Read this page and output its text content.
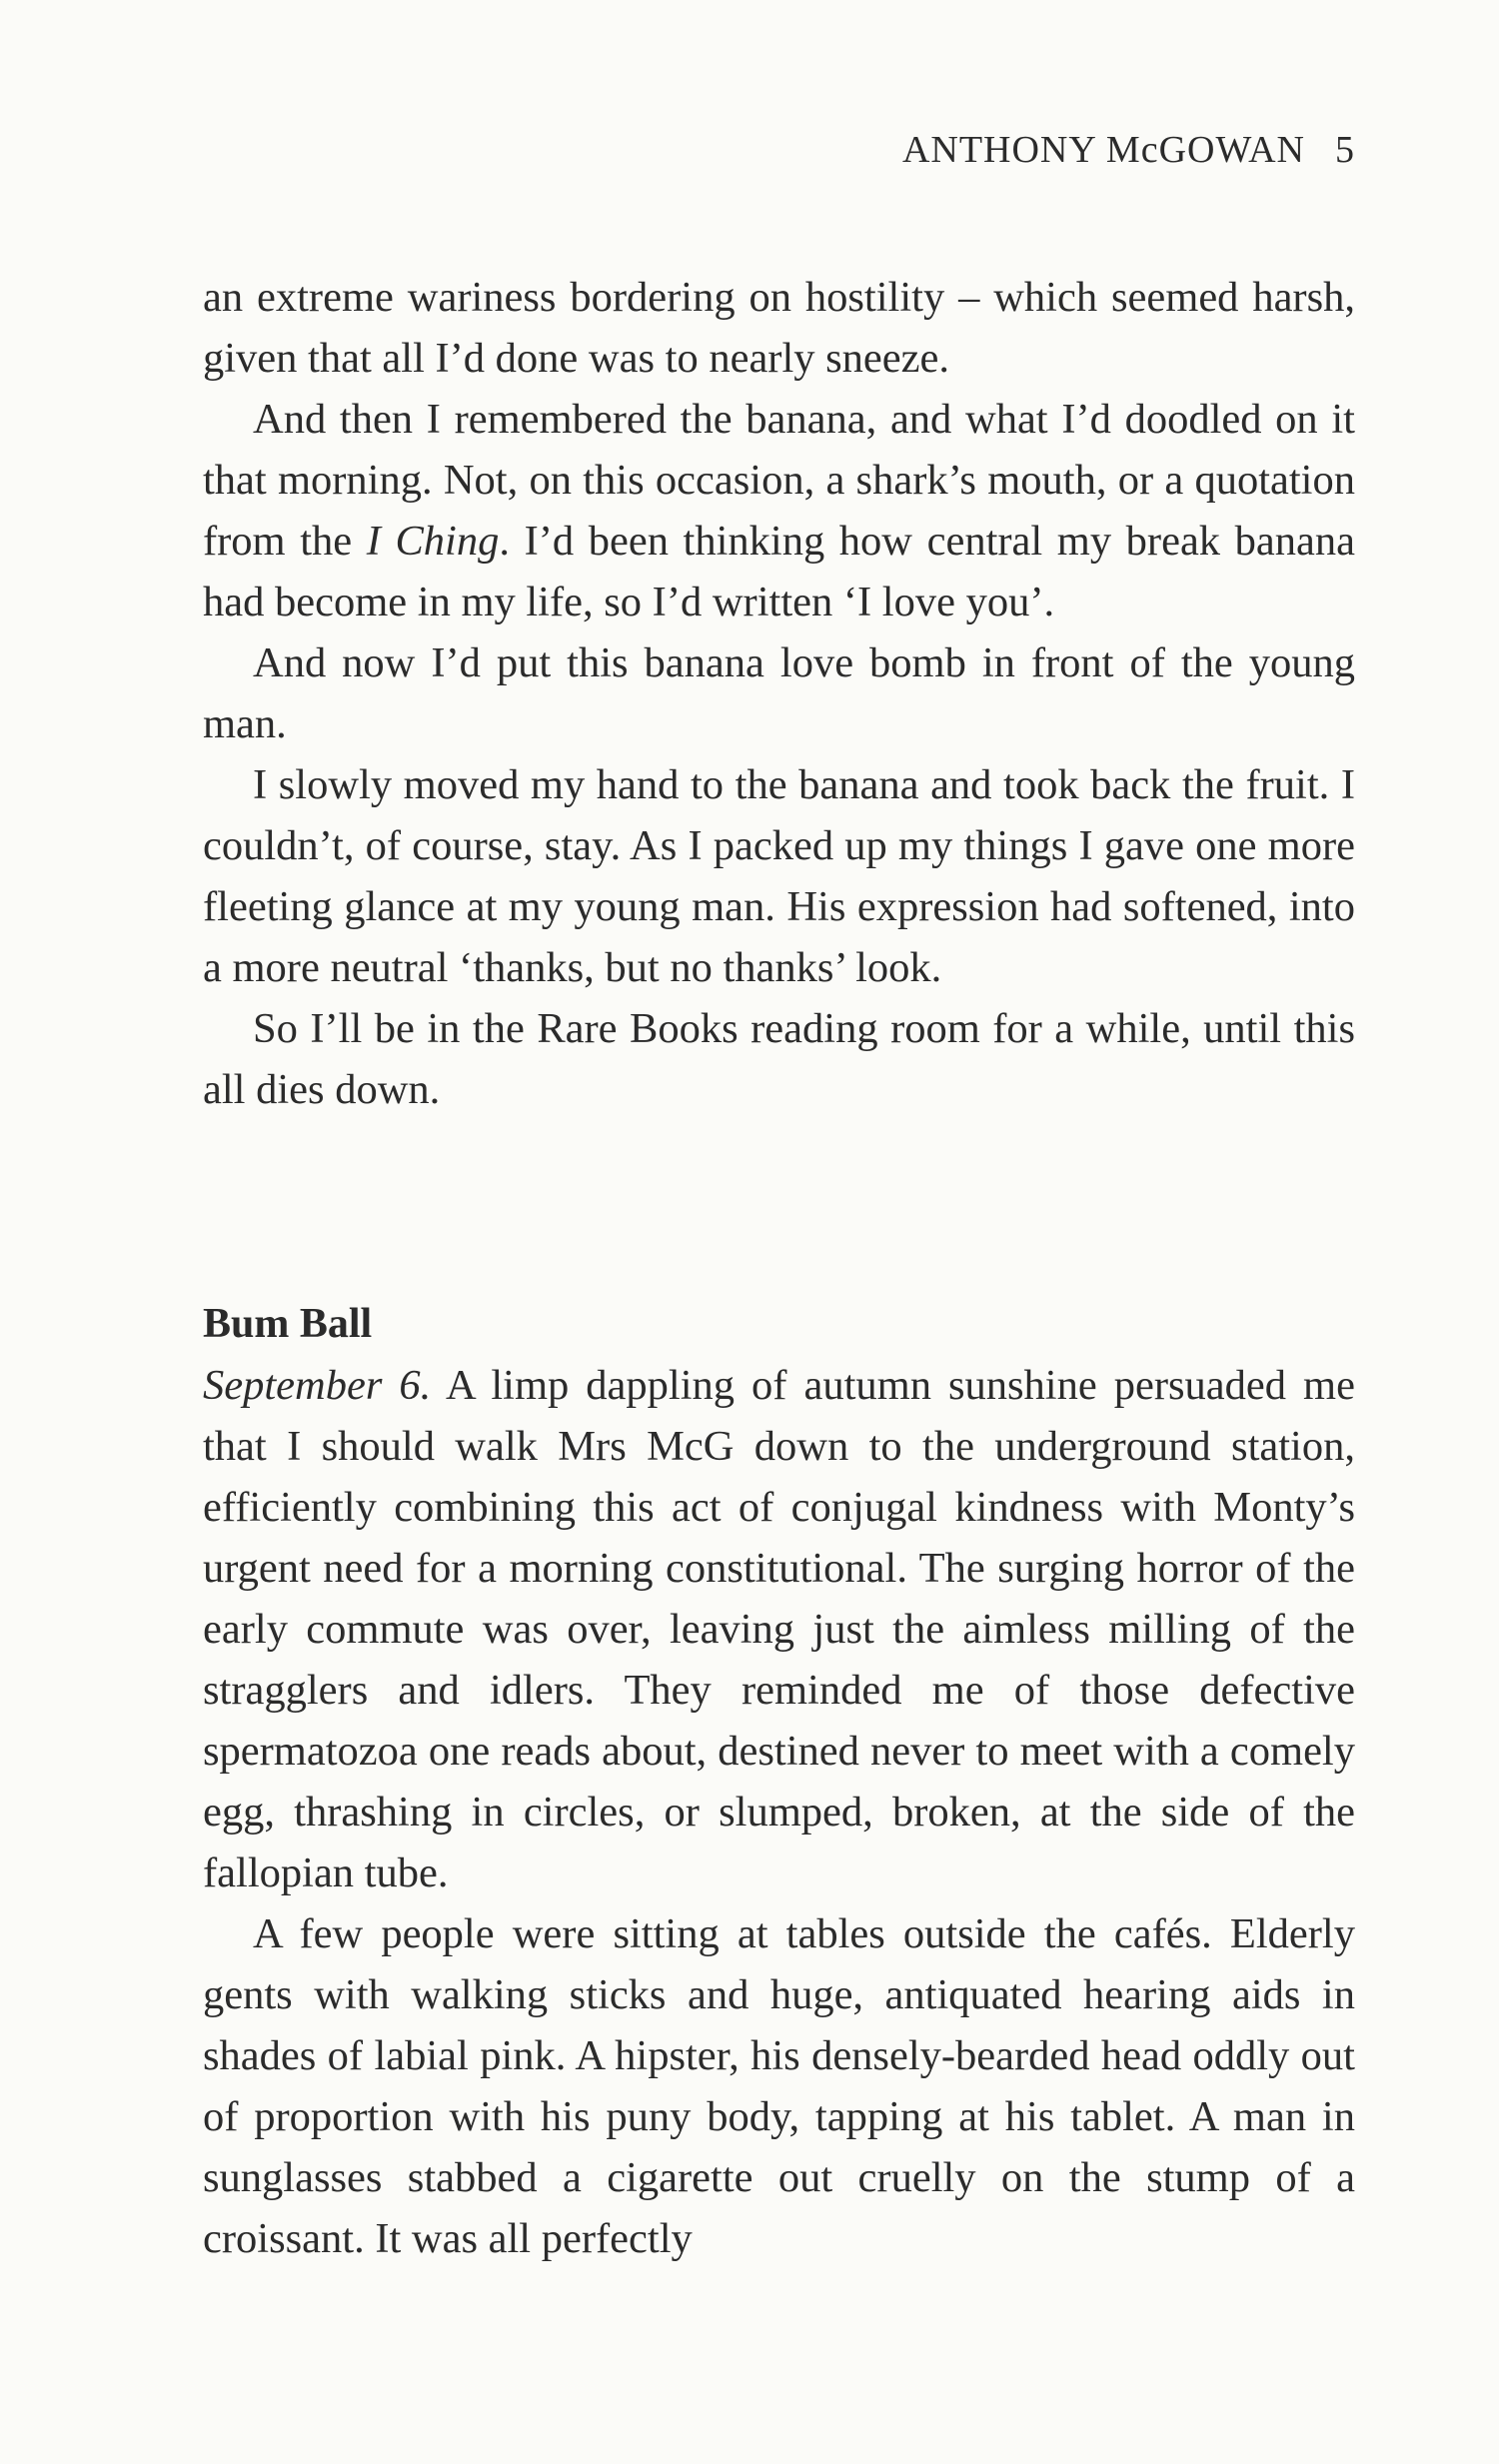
ANTHONY McGOWAN 5

an extreme wariness bordering on hostility – which seemed harsh, given that all I’d done was to nearly sneeze.

And then I remembered the banana, and what I’d doodled on it that morning. Not, on this occasion, a shark’s mouth, or a quotation from the I Ching. I’d been thinking how central my break banana had become in my life, so I’d written ‘I love you’.

And now I’d put this banana love bomb in front of the young man.

I slowly moved my hand to the banana and took back the fruit. I couldn’t, of course, stay. As I packed up my things I gave one more fleeting glance at my young man. His expression had softened, into a more neutral ‘thanks, but no thanks’ look.

So I’ll be in the Rare Books reading room for a while, until this all dies down.

Bum Ball

September 6. A limp dappling of autumn sunshine persuaded me that I should walk Mrs McG down to the underground station, efficiently combining this act of conjugal kindness with Monty’s urgent need for a morning constitutional. The surging horror of the early commute was over, leaving just the aimless milling of the stragglers and idlers. They reminded me of those defective spermatozoa one reads about, destined never to meet with a comely egg, thrashing in circles, or slumped, broken, at the side of the fallopian tube.

A few people were sitting at tables outside the cafés. Elderly gents with walking sticks and huge, antiquated hearing aids in shades of labial pink. A hipster, his densely-bearded head oddly out of proportion with his puny body, tapping at his tablet. A man in sunglasses stabbed a cigarette out cruelly on the stump of a croissant. It was all perfectly
